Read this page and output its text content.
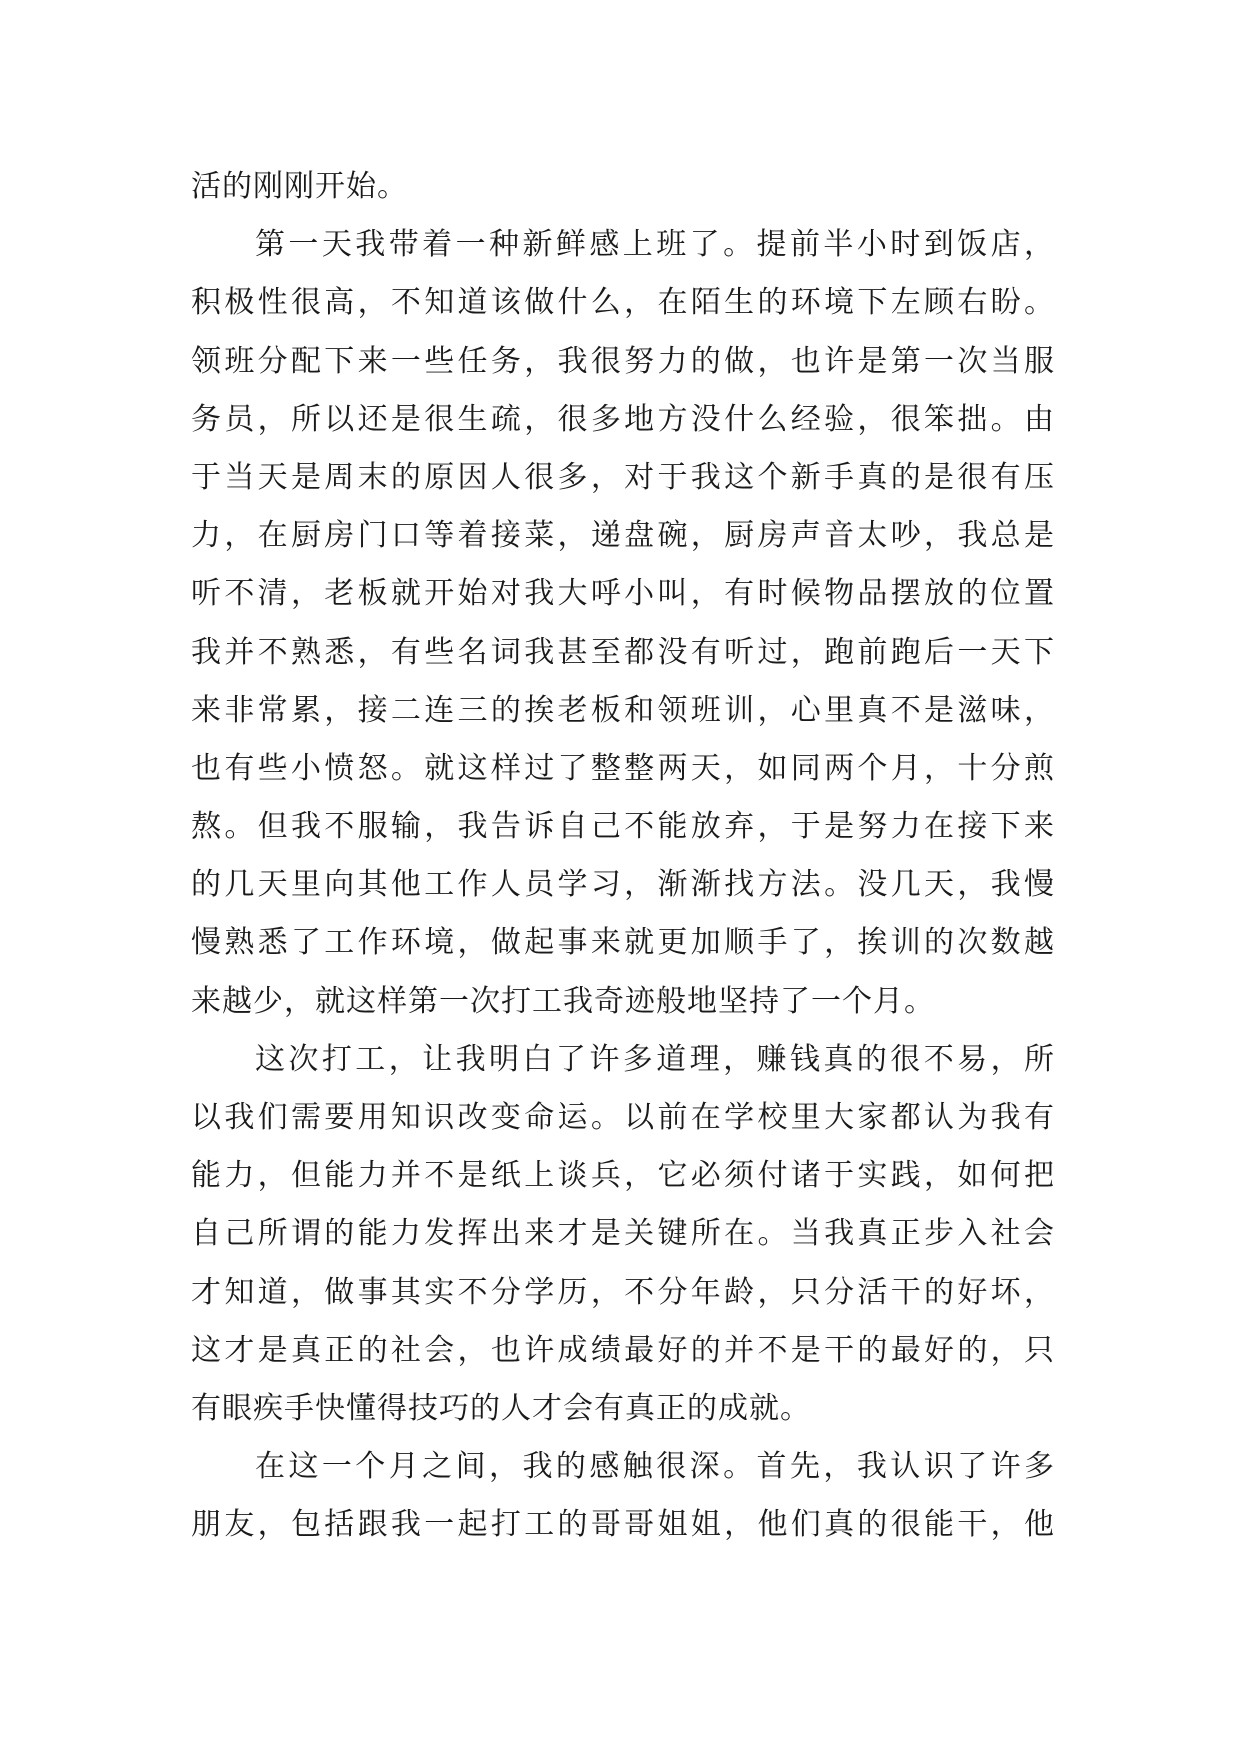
活的刚刚开始。
第一天我带着一种新鲜感上班了。提前半小时到饭店，
积极性很高，不知道该做什么，在陌生的环境下左顾右盼。
领班分配下来一些任务，我很努力的做，也许是第一次当服
务员，所以还是很生疏，很多地方没什么经验，很笨拙。由
于当天是周末的原因人很多，对于我这个新手真的是很有压
力，在厨房门口等着接菜，递盘碗，厨房声音太吵，我总是
听不清，老板就开始对我大呼小叫，有时候物品摆放的位置
我并不熟悉，有些名词我甚至都没有听过，跑前跑后一天下
来非常累，接二连三的挨老板和领班训，心里真不是滋味，
也有些小愤怒。就这样过了整整两天，如同两个月，十分煎
熬。但我不服输，我告诉自己不能放弃，于是努力在接下来
的几天里向其他工作人员学习，渐渐找方法。没几天，我慢
慢熟悉了工作环境，做起事来就更加顺手了，挨训的次数越
来越少，就这样第一次打工我奇迹般地坚持了一个月。
这次打工，让我明白了许多道理，赚钱真的很不易，所
以我们需要用知识改变命运。以前在学校里大家都认为我有
能力，但能力并不是纸上谈兵，它必须付诸于实践，如何把
自己所谓的能力发挥出来才是关键所在。当我真正步入社会
才知道，做事其实不分学历，不分年龄，只分活干的好坏，
这才是真正的社会，也许成绩最好的并不是干的最好的，只
有眼疾手快懂得技巧的人才会有真正的成就。
在这一个月之间，我的感触很深。首先，我认识了许多
朋友，包括跟我一起打工的哥哥姐姐，他们真的很能干，他
